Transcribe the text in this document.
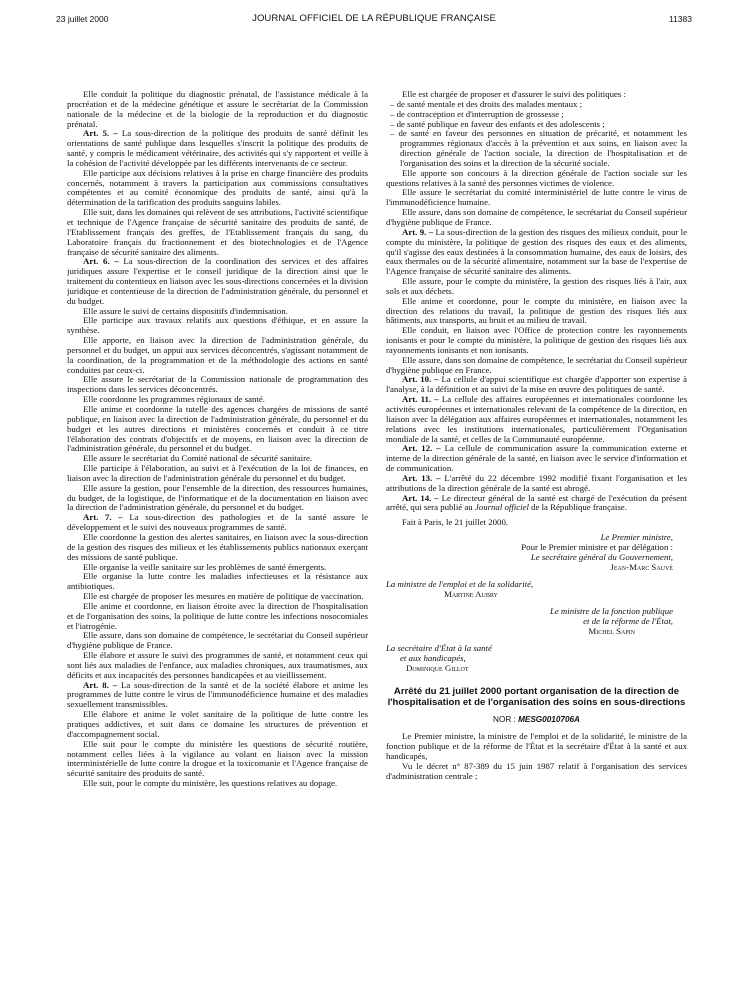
23 juillet 2000	JOURNAL OFFICIEL DE LA RÉPUBLIQUE FRANÇAISE	11383

Elle conduit la politique du diagnostic prénatal, de l'assistance médicale à la procréation et de la médecine génétique et assure le secrétariat de la Commission nationale de la médecine et de la biologie de la reproduction et du diagnostic prénatal.

Art. 5. – La sous-direction de la politique des produits de santé définit les orientations de santé publique dans lesquelles s'inscrit la politique des produits de santé, y compris le médicament vétérinaire, des activités qui s'y rapportent et veille à la cohésion de l'activité développée par les différents intervenants de ce secteur.

Elle participe aux décisions relatives à la prise en charge financière des produits concernés, notamment à travers la participation aux commissions consultatives compétentes et au comité économique des produits de santé, ainsi qu'à la détermination de la tarification des produits sanguins labiles.

Elle suit, dans les domaines qui relèvent de ses attributions, l'activité scientifique et technique de l'Agence française de sécurité sanitaire des produits de santé, de l'Etablissement français des greffes, de l'Etablissement français du sang, du Laboratoire français du fractionnement et des biotechnologies et de l'Agence française de sécurité sanitaire des aliments.

Art. 6. – La sous-direction de la coordination des services et des affaires juridiques assure l'expertise et le conseil juridique de la direction ainsi que le traitement du contentieux en liaison avec les sous-directions concernées et la division juridique et contentieuse de la direction de l'administration générale, du personnel et du budget.

Elle assure le suivi de certains dispositifs d'indemnisation.

Elle participe aux travaux relatifs aux questions d'éthique, et en assure la synthèse.

Elle apporte, en liaison avec la direction de l'administration générale, du personnel et du budget, un appui aux services déconcentrés, s'agissant notamment de la coordination, de la programmation et de la méthodologie des actions en santé conduites par ceux-ci.

Elle assure le secrétariat de la Commission nationale de programmation des inspections dans les services déconcentrés.

Elle coordonne les programmes régionaux de santé.

Elle anime et coordonne la tutelle des agences chargées de missions de santé publique, en liaison avec la direction de l'administration générale, du personnel et du budget et les autres directions et ministères concernés et conduit à ce titre l'élaboration des contrats d'objectifs et de moyens, en liaison avec la direction de l'administration générale, du personnel et du budget.

Elle assure le secrétariat du Comité national de sécurité sanitaire.

Elle participe à l'élaboration, au suivi et à l'exécution de la loi de finances, en liaison avec la direction de l'administration générale du personnel et du budget.

Elle assure la gestion, pour l'ensemble de la direction, des ressources humaines, du budget, de la logistique, de l'informatique et de la documentation en liaison avec la direction de l'administration générale, du personnel et du budget.

Art. 7. – La sous-direction des pathologies et de la santé assure le développement et le suivi des nouveaux programmes de santé.

Elle coordonne la gestion des alertes sanitaires, en liaison avec la sous-direction de la gestion des risques des milieux et les établissements publics nationaux exerçant des missions de santé publique.

Elle organise la veille sanitaire sur les problèmes de santé émergents.

Elle organise la lutte contre les maladies infectieuses et la résistance aux antibiotiques.

Elle est chargée de proposer les mesures en matière de politique de vaccination.

Elle anime et coordonne, en liaison étroite avec la direction de l'hospitalisation et de l'organisation des soins, la politique de lutte contre les infections nosocomiales et l'iatrogénie.

Elle assure, dans son domaine de compétence, le secrétariat du Conseil supérieur d'hygiène publique de France.

Elle élabore et assure le suivi des programmes de santé, et notamment ceux qui sont liés aux maladies de l'enfance, aux maladies chroniques, aux traumatismes, aux déficits et aux incapacités des personnes handicapées et au vieillissement.

Art. 8. – La sous-direction de la santé et de la société élabore et anime les programmes de lutte contre le virus de l'immunodéficience humaine et des maladies sexuellement transmissibles.

Elle élabore et anime le volet sanitaire de la politique de lutte contre les pratiques addictives, et suit dans ce domaine les structures de prévention et d'accompagnement social.

Elle suit pour le compte du ministère les questions de sécurité routière, notamment celles liées à la vigilance au volant en liaison avec la mission interministérielle de lutte contre la drogue et la toxicomanie et l'Agence française de sécurité sanitaire des produits de santé.

Elle suit, pour le compte du ministère, les questions relatives au dopage.

Elle est chargée de proposer et d'assurer le suivi des politiques :

– de santé mentale et des droits des malades mentaux ;
– de contraception et d'interruption de grossesse ;
– de santé publique en faveur des enfants et des adolescents ;
– de santé en faveur des personnes en situation de précarité, et notamment les programmes régionaux d'accès à la prévention et aux soins, en liaison avec la direction générale de l'action sociale, la direction de l'hospitalisation et de l'organisation des soins et la direction de la sécurité sociale.

Elle apporte son concours à la direction générale de l'action sociale sur les questions relatives à la santé des personnes victimes de violence.

Elle assure le secrétariat du comité interministériel de lutte contre le virus de l'immunodéficience humaine.

Elle assure, dans son domaine de compétence, le secrétariat du Conseil supérieur d'hygiène publique de France.

Art. 9. – La sous-direction de la gestion des risques des milieux conduit, pour le compte du ministère, la politique de gestion des risques des eaux et des aliments, qu'il s'agisse des eaux destinées à la consommation humaine, des eaux de loisirs, des eaux thermales ou de la sécurité alimentaire, notamment sur la base de l'expertise de l'Agence française de sécurité sanitaire des aliments.

Elle assure, pour le compte du ministère, la gestion des risques liés à l'air, aux sols et aux déchets.

Elle anime et coordonne, pour le compte du ministère, en liaison avec la direction des relations du travail, la politique de gestion des risques liés aux bâtiments, aux transports, au bruit et au milieu de travail.

Elle conduit, en liaison avec l'Office de protection contre les rayonnements ionisants et pour le compte du ministère, la politique de gestion des risques liés aux rayonnements ionisants et non ionisants.

Elle assure, dans son domaine de compétence, le secrétariat du Conseil supérieur d'hygiène publique en France.

Art. 10. – La cellule d'appui scientifique est chargée d'apporter son expertise à l'analyse, à la définition et au suivi de la mise en œuvre des politiques de santé.

Art. 11. – La cellule des affaires européennes et internationales coordonne les activités européennes et internationales relevant de la compétence de la direction, en liaison avec la délégation aux affaires européennes et internationales, notamment les relations avec les institutions internationales, particulièrement l'Organisation mondiale de la santé, et celles de la Communauté européenne.

Art. 12. – La cellule de communication assure la communication externe et interne de la direction générale de la santé, en liaison avec le service d'information et de communication.

Art. 13. – L'arrêté du 22 décembre 1992 modifié fixant l'organisation et les attributions de la direction générale de la santé est abrogé.

Art. 14. – Le directeur général de la santé est chargé de l'exécution du présent arrêté, qui sera publié au Journal officiel de la République française.

Fait à Paris, le 21 juillet 2000.

Le Premier ministre,
Pour le Premier ministre et par délégation :
Le secrétaire général du Gouvernement,
Jean-Marc Sauvé
La ministre de l'emploi et de la solidarité,
Martine Aubry
Le ministre de la fonction publique
et de la réforme de l'État,
Michel Sapin
La secrétaire d'État à la santé
et aux handicapés,
Dominique Gillot

Arrêté du 21 juillet 2000 portant organisation de la direction de l'hospitalisation et de l'organisation des soins en sous-directions

NOR : MESG0010706A

Le Premier ministre, la ministre de l'emploi et de la solidarité, le ministre de la fonction publique et de la réforme de l'État et la secrétaire d'État à la santé et aux handicapés,

Vu le décret n° 87-389 du 15 juin 1987 relatif à l'organisation des services d'administration centrale ;
